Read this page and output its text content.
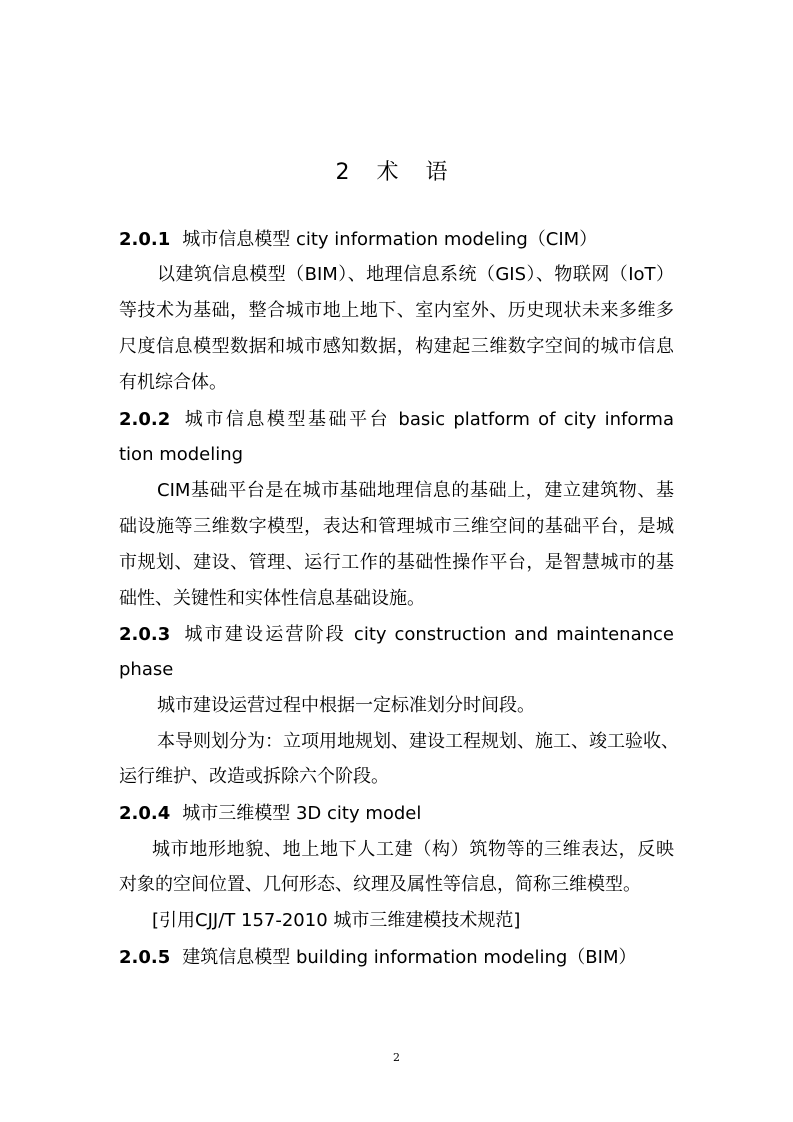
2 术 语

2.0.1 城市信息模型 city information modeling（CIM）

以建筑信息模型（BIM）、地理信息系统（GIS）、物联网（IoT）

等技术为基础，整合城市地上地下、室内室外、历史现状未来多维多

尺度信息模型数据和城市感知数据，构建起三维数字空间的城市信息

有机综合体。

2.0.2 城市信息模型基础平台 basic platform of city informa

tion modeling

CIM基础平台是在城市基础地理信息的基础上，建立建筑物、基

础设施等三维数字模型，表达和管理城市三维空间的基础平台，是城

市规划、建设、管理、运行工作的基础性操作平台，是智慧城市的基

础性、关键性和实体性信息基础设施。

2.0.3 城市建设运营阶段 city construction and maintenance

phase

城市建设运营过程中根据一定标准划分时间段。

本导则划分为：立项用地规划、建设工程规划、施工、竣工验收、

运行维护、改造或拆除六个阶段。

2.0.4 城市三维模型 3D city model

城市地形地貌、地上地下人工建（构）筑物等的三维表达，反映

对象的空间位置、几何形态、纹理及属性等信息，简称三维模型。

[引用CJJ/T 157-2010 城市三维建模技术规范]

2.0.5 建筑信息模型 building information modeling（BIM）

2
